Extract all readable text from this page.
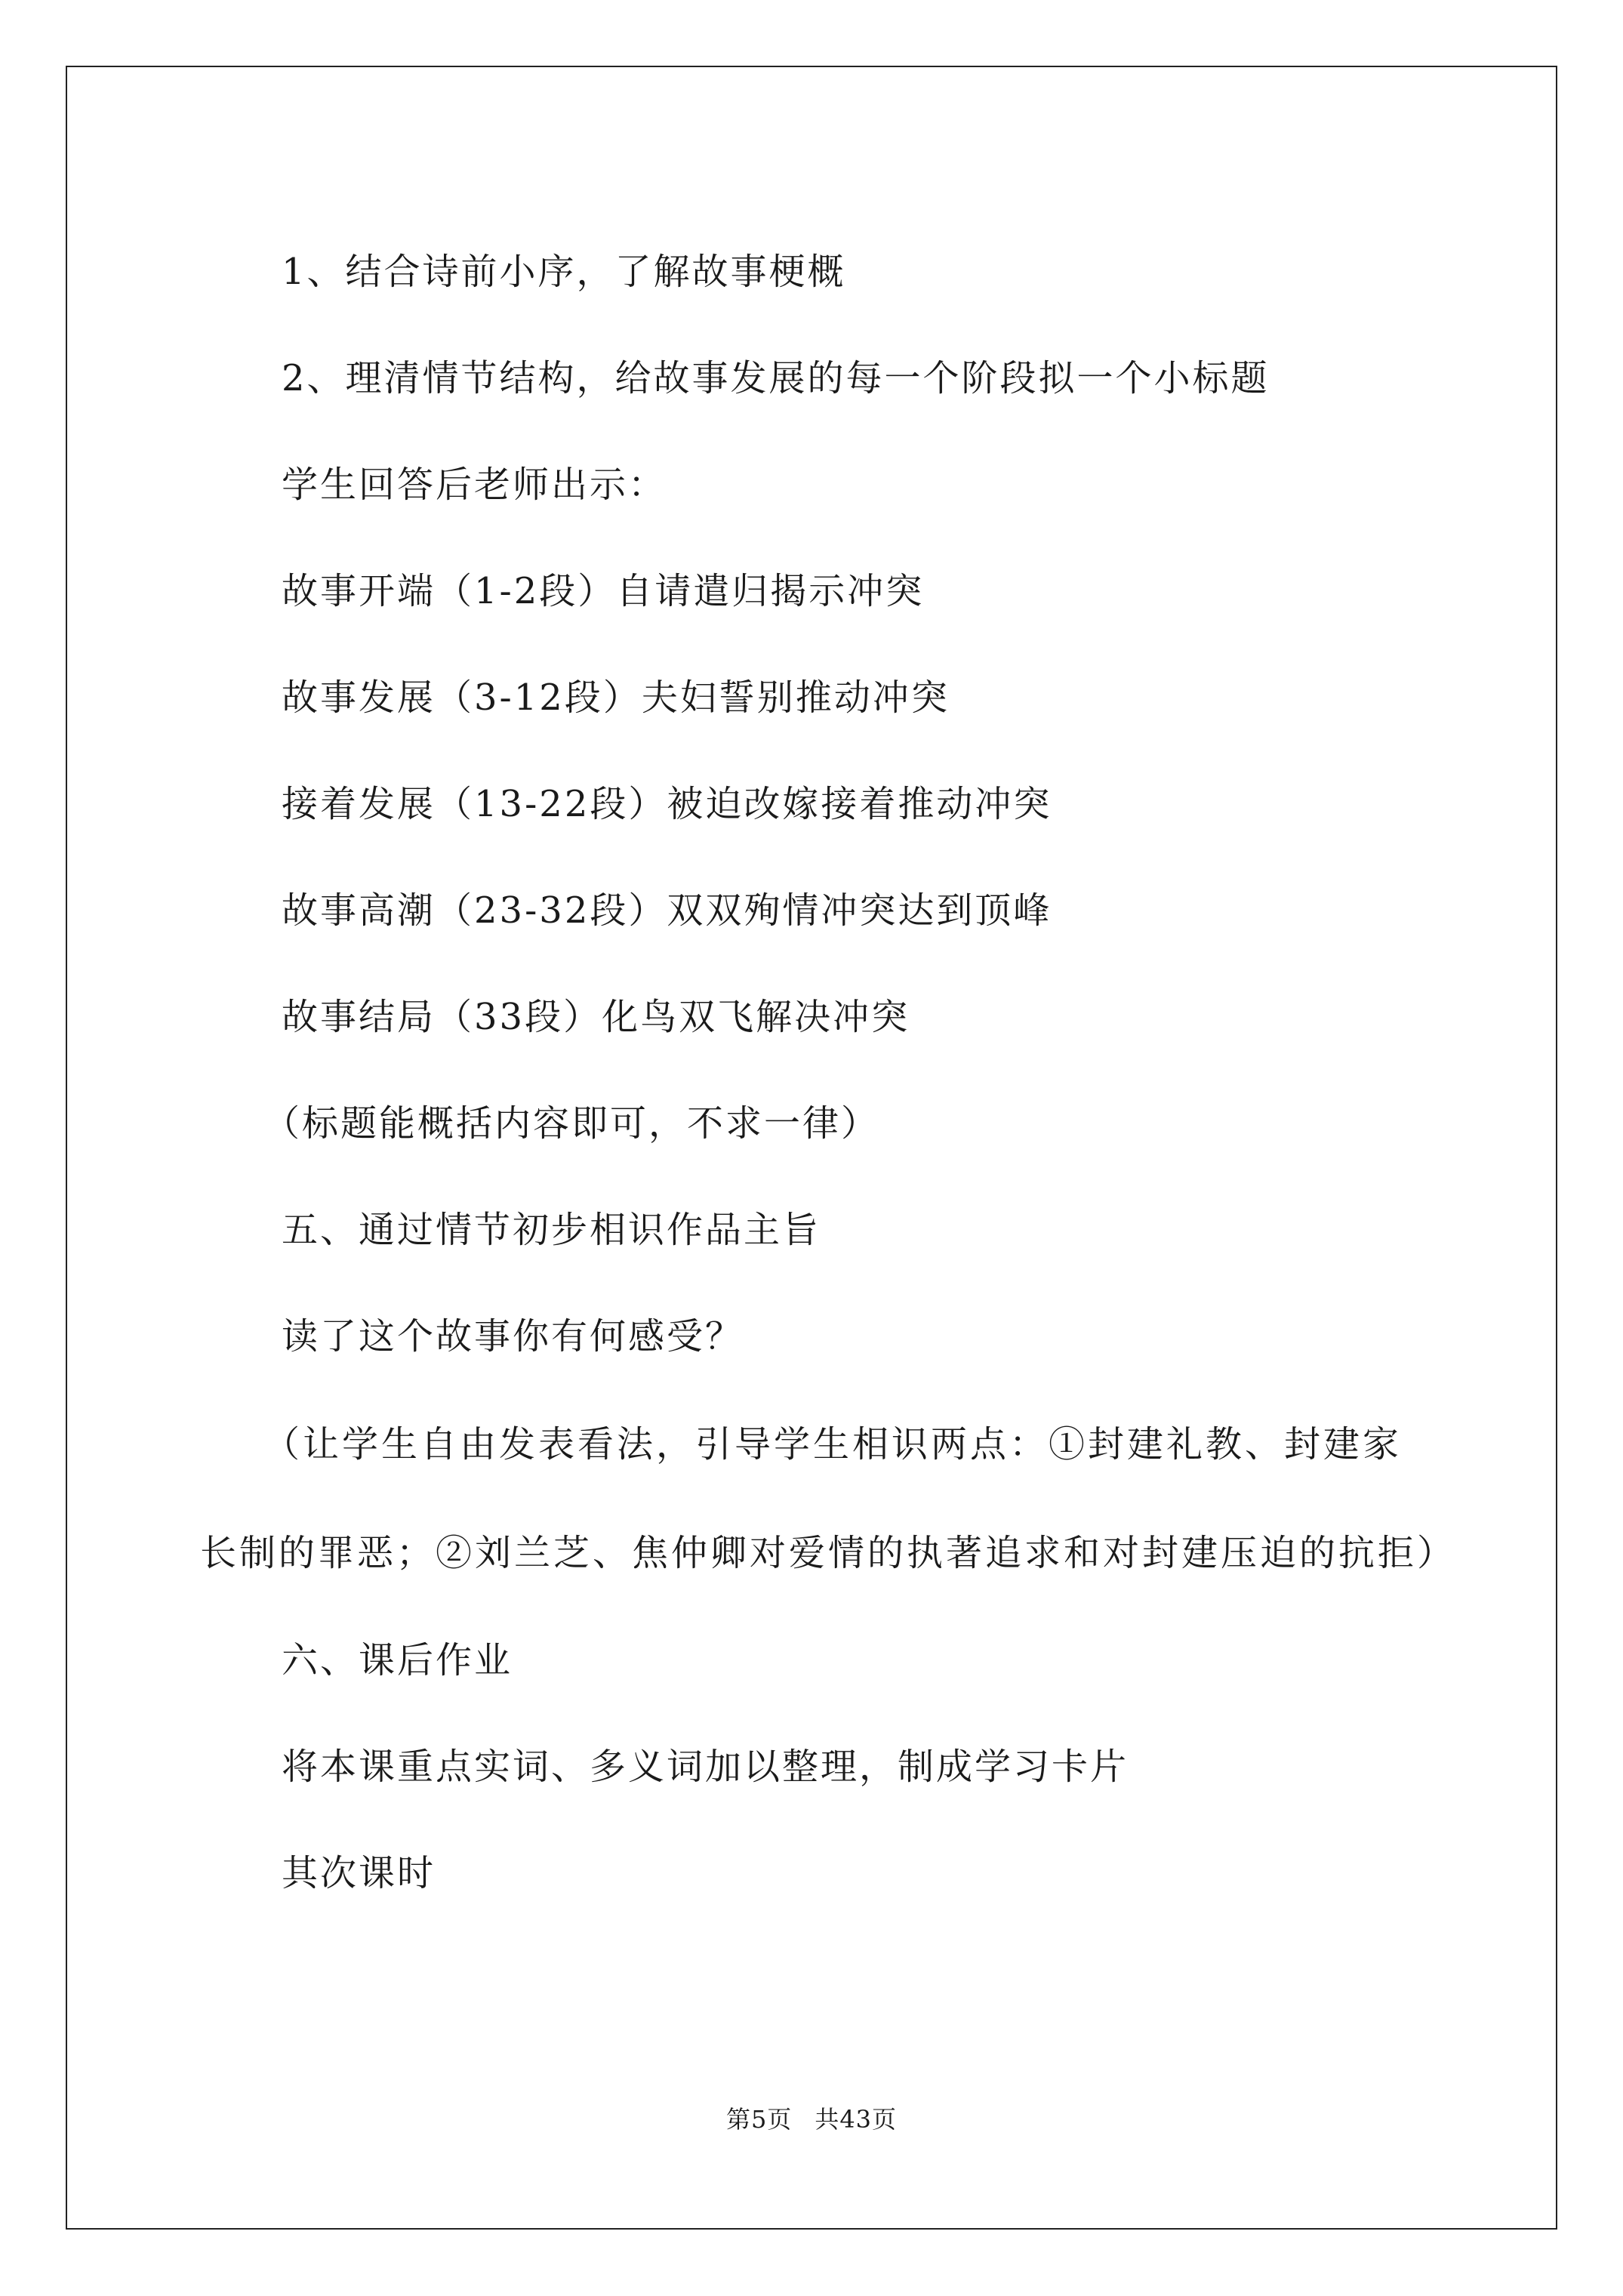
1、结合诗前小序，了解故事梗概

2、理清情节结构，给故事发展的每一个阶段拟一个小标题

学生回答后老师出示：

故事开端（1-2段）自请遣归揭示冲突

故事发展（3-12段）夫妇誓别推动冲突

接着发展（13-22段）被迫改嫁接着推动冲突

故事高潮（23-32段）双双殉情冲突达到顶峰

故事结局（33段）化鸟双飞解决冲突

（标题能概括内容即可，不求一律）

五、通过情节初步相识作品主旨

读了这个故事你有何感受？

（让学生自由发表看法，引导学生相识两点：①封建礼教、封建家长制的罪恶；②刘兰芝、焦仲卿对爱情的执著追求和对封建压迫的抗拒）

六、课后作业

将本课重点实词、多义词加以整理，制成学习卡片

其次课时

第5页 共43页
